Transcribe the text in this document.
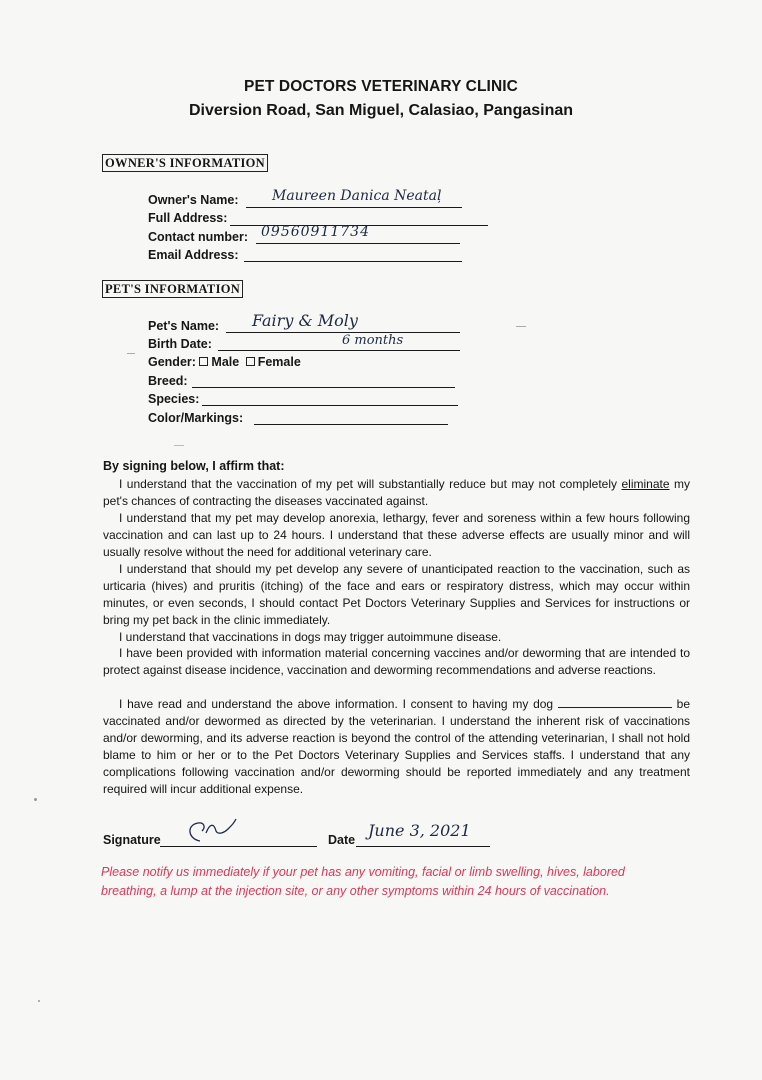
PET DOCTORS VETERINARY CLINIC
Diversion Road, San Miguel, Calasiao, Pangasinan
OWNER'S INFORMATION
Owner's Name: Maureen Danica Neataļ
Full Address:
Contact number: 09560911734
Email Address:
PET'S INFORMATION
Pet's Name: Fairy & Moly
Birth Date:	6 months
Gender: Male Female
Breed:
Species:
Color/Markings:
By signing below, I affirm that:
I understand that the vaccination of my pet will substantially reduce but may not completely eliminate my pet's chances of contracting the diseases vaccinated against.
I understand that my pet may develop anorexia, lethargy, fever and soreness within a few hours following vaccination and can last up to 24 hours. I understand that these adverse effects are usually minor and will usually resolve without the need for additional veterinary care.
I understand that should my pet develop any severe of unanticipated reaction to the vaccination, such as urticaria (hives) and pruritis (itching) of the face and ears or respiratory distress, which may occur within minutes, or even seconds, I should contact Pet Doctors Veterinary Supplies and Services for instructions or bring my pet back in the clinic immediately.
I understand that vaccinations in dogs may trigger autoimmune disease.
I have been provided with information material concerning vaccines and/or deworming that are intended to protect against disease incidence, vaccination and deworming recommendations and adverse reactions.
I have read and understand the above information. I consent to having my dog	be vaccinated and/or dewormed as directed by the veterinarian. I understand the inherent risk of vaccinations and/or deworming, and its adverse reaction is beyond the control of the attending veterinarian, I shall not hold blame to him or her or to the Pet Doctors Veterinary Supplies and Services staffs. I understand that any complications following vaccination and/or deworming should be reported immediately and any treatment required will incur additional expense.
Signature	Date June 3, 2021
Please notify us immediately if your pet has any vomiting, facial or limb swelling, hives, labored breathing, a lump at the injection site, or any other symptoms within 24 hours of vaccination.
